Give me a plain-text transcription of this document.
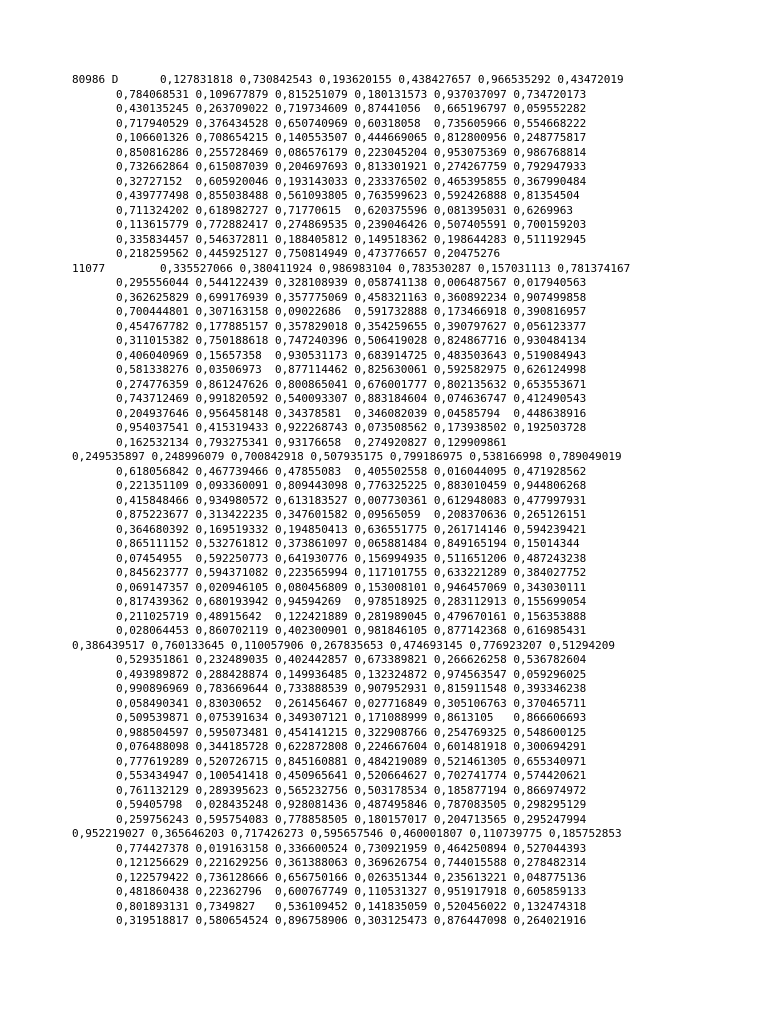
80986 D	0,127831818 0,730842543 0,193620155 0,438427657 0,966535292 0,43472019
0,784068531 0,109677879 0,815251079 0,180131573 0,937037097 0,734720173
0,430135245 0,263709022 0,719734609 0,87441056  0,665196797 0,059552282
0,717940529 0,376434528 0,650740969 0,60318058  0,735605966 0,554668222
0,106601326 0,708654215 0,140553507 0,444669065 0,812800956 0,248775817
0,850816286 0,255728469 0,086576179 0,223045204 0,953075369 0,986768814
0,732662864 0,615087039 0,204697693 0,813301921 0,274267759 0,792947933
0,32727152  0,605920046 0,193143033 0,233376502 0,465395855 0,367990484
0,439777498 0,855038488 0,561093805 0,763599623 0,592426888 0,81354504
0,711324202 0,618982727 0,71770615  0,620375596 0,081395031 0,6269963
0,113615779 0,772882417 0,274869535 0,239046426 0,507405591 0,700159203
0,335834457 0,546372811 0,188405812 0,149518362 0,198644283 0,511192945
0,218259562 0,445925127 0,750814949 0,473776657 0,20475276
11077	0,335527066 0,380411924 0,986983104 0,783530287 0,157031113 0,781374167
0,295556044 0,544122439 0,328108939 0,058741138 0,006487567 0,017940563
0,362625829 0,699176939 0,357775069 0,458321163 0,360892234 0,907499858
0,700444801 0,307163158 0,09022686  0,591732888 0,173466918 0,390816957
0,454767782 0,177885157 0,357829018 0,354259655 0,390797627 0,056123377
0,311015382 0,750188618 0,747240396 0,506419028 0,824867716 0,930484134
0,406040969 0,15657358  0,930531173 0,683914725 0,483503643 0,519084943
0,581338276 0,03506973  0,877114462 0,825630061 0,592582975 0,626124998
0,274776359 0,861247626 0,800865041 0,676001777 0,802135632 0,653553671
0,743712469 0,991820592 0,540093307 0,883184604 0,074636747 0,412490543
0,204937646 0,956458148 0,34378581  0,346082039 0,04585794  0,448638916
0,954037541 0,415319433 0,922268743 0,073508562 0,173938502 0,192503728
0,162532134 0,793275341 0,93176658  0,274920827 0,129909861
0,249535897 0,248996079 0,700842918 0,507935175 0,799186975 0,538166998 0,789049019
0,618056842 0,467739466 0,47855083  0,405502558 0,016044095 0,471928562
0,221351109 0,093360091 0,809443098 0,776325225 0,883010459 0,944806268
0,415848466 0,934980572 0,613183527 0,007730361 0,612948083 0,477997931
0,875223677 0,313422235 0,347601582 0,09565059  0,208370636 0,265126151
0,364680392 0,169519332 0,194850413 0,636551775 0,261714146 0,594239421
0,865111152 0,532761812 0,373861097 0,065881484 0,849165194 0,15014344
0,07454955  0,592250773 0,641930776 0,156994935 0,511651206 0,487243238
0,845623777 0,594371082 0,223565994 0,117101755 0,633221289 0,384027752
0,069147357 0,020946105 0,080456809 0,153008101 0,946457069 0,343030111
0,817439362 0,680193942 0,94594269  0,978518925 0,283112913 0,155699054
0,211025719 0,48915642  0,122421889 0,281989045 0,479670161 0,156353888
0,028064453 0,860702119 0,402300901 0,981846105 0,877142368 0,616985431
0,386439517 0,760133645 0,110057906 0,267835653 0,474693145 0,776923207 0,51294209
0,529351861 0,232489035 0,402442857 0,673389821 0,266626258 0,536782604
0,493989872 0,288428874 0,149936485 0,132324872 0,974563547 0,059296025
0,990896969 0,783669644 0,733888539 0,907952931 0,815911548 0,393346238
0,058490341 0,83030652  0,261456467 0,027716849 0,305106763 0,370465711
0,509539871 0,075391634 0,349307121 0,171088999 0,8613105   0,866606693
0,988504597 0,595073481 0,454141215 0,322908766 0,254769325 0,548600125
0,076488098 0,344185728 0,622872808 0,224667604 0,601481918 0,300694291
0,777619289 0,520726715 0,845160881 0,484219089 0,521461305 0,655340971
0,553434947 0,100541418 0,450965641 0,520664627 0,702741774 0,574420621
0,761132129 0,289395623 0,565232756 0,503178534 0,185877194 0,866974972
0,59405798  0,028435248 0,928081436 0,487495846 0,787083505 0,298295129
0,259756243 0,595754083 0,778858505 0,180157017 0,204713565 0,295247994
0,952219027 0,365646203 0,717426273 0,595657546 0,460001807 0,110739775 0,185752853
0,774427378 0,019163158 0,336600524 0,730921959 0,464250894 0,527044393
0,121256629 0,221629256 0,361388063 0,369626754 0,744015588 0,278482314
0,122579422 0,736128666 0,656750166 0,026351344 0,235613221 0,048775136
0,481860438 0,22362796  0,600767749 0,110531327 0,951917918 0,605859133
0,801893131 0,7349827   0,536109452 0,141835059 0,520456022 0,132474318
0,319518817 0,580654524 0,896758906 0,303125473 0,876447098 0,264021916
